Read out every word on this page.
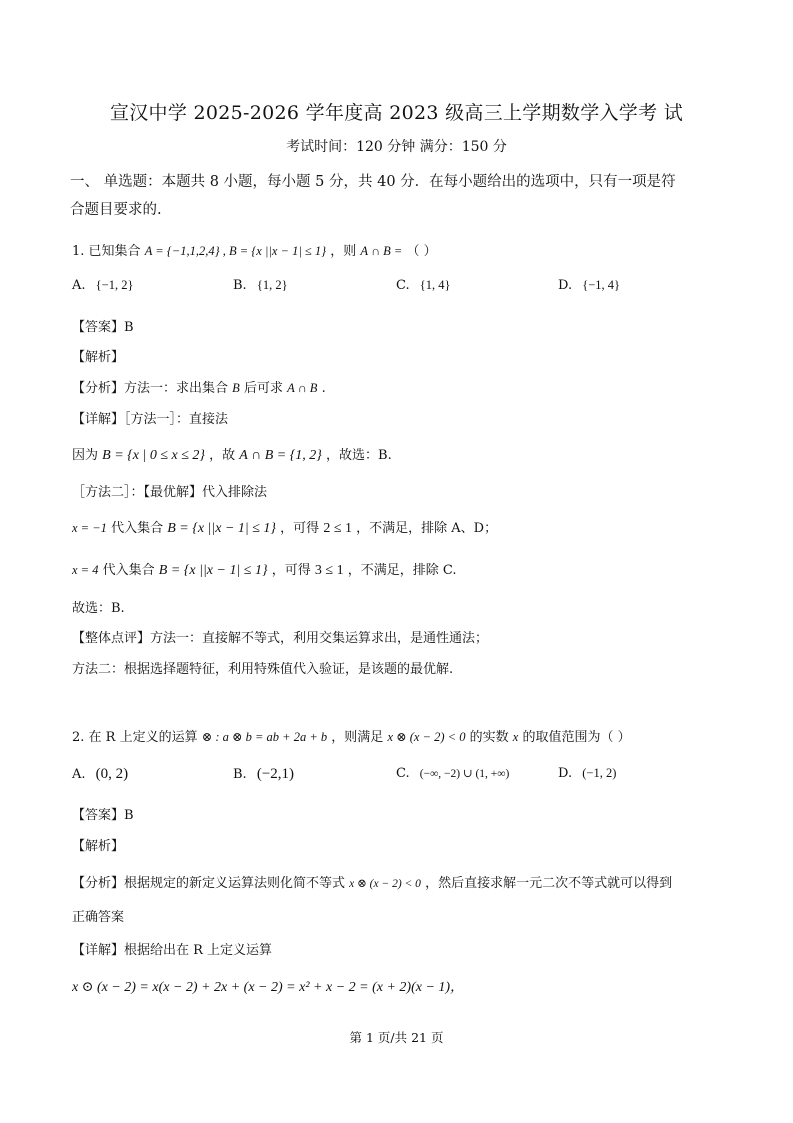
宣汉中学 2025-2026 学年度高 2023 级高三上学期数学入学考 试
考试时间：120 分钟 满分：150 分
一、 单选题：本题共 8 小题，每小题 5 分，共 40 分．在每小题给出的选项中，只有一项是符
合题目要求的.
1. 已知集合 A = {−1,1,2,4} , B = {x ||x − 1| ≤ 1} ，则 A ∩ B = （ ）
A. {−1, 2}	B. {1, 2}	C. {1, 4}	D. {−1, 4}
【答案】B
【解析】
【分析】方法一：求出集合 B 后可求 A ∩ B .
【详解】［方法一］：直接法
因为 B = {x | 0 ≤ x ≤ 2} ，故 A ∩ B = {1, 2} ，故选：B.
［方法二］：【最优解】代入排除法
x = −1 代入集合 B = {x ||x − 1| ≤ 1} ，可得 2 ≤ 1 ，不满足，排除 A、D；
x = 4 代入集合 B = {x ||x − 1| ≤ 1} ，可得 3 ≤ 1 ，不满足，排除 C.
故选：B.
【整体点评】方法一：直接解不等式，利用交集运算求出，是通性通法；
方法二：根据选择题特征，利用特殊值代入验证，是该题的最优解.
2. 在 R 上定义的运算 ⊗ : a ⊗ b = ab + 2a + b ，则满足 x ⊗ (x − 2) < 0 的实数 x 的取值范围为（ ）
A. (0, 2)	B. (−2,1)	C. (−∞, −2) ∪ (1, +∞)	D. (−1, 2)
【答案】B
【解析】
【分析】根据规定的新定义运算法则化简不等式 x ⊗ (x − 2) < 0 ，然后直接求解一元二次不等式就可以得到
正确答案
【详解】根据给出在 R 上定义运算
x ⊙ (x − 2) = x(x − 2) + 2x + (x − 2) = x² + x − 2 = (x + 2)(x − 1)，
第 1 页/共 21 页
